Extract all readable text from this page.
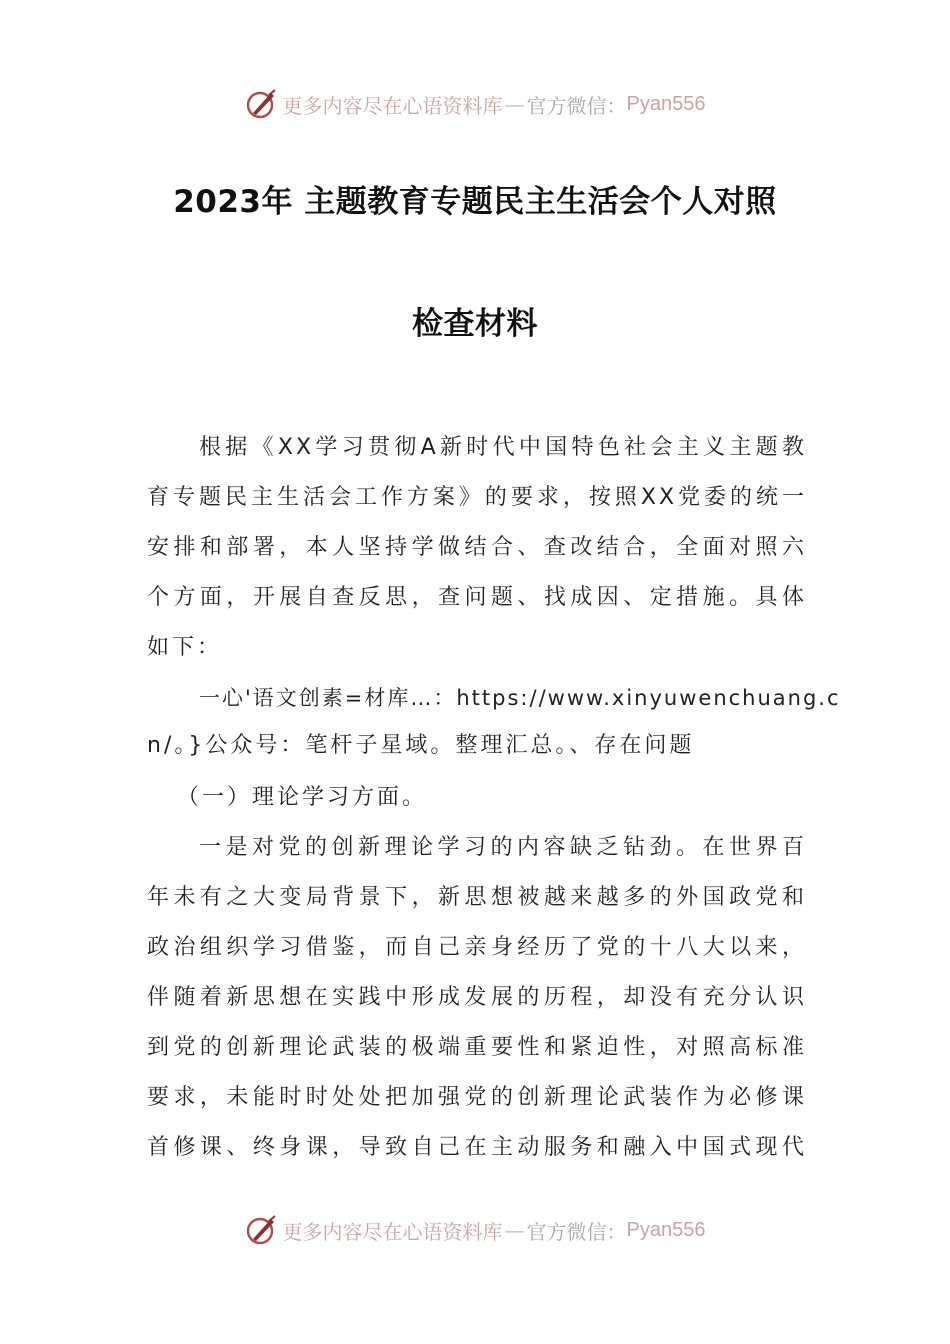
更多内容尽在心语资料库 — 官方微信： Pyan556
2023年 主题教育专题民主生活会个人对照
检查材料
根据《XX学习贯彻A新时代中国特色社会主义主题教
育专题民主生活会工作方案》的要求，按照XX党委的统一
安排和部署，本人坚持学做结合、查改结合，全面对照六
个方面，开展自查反思，查问题、找成因、定措施。具体
如下：
一心'语文创素=材库…：https://www.xinyuwenchuang.c
n/。}公众号：笔杆子星域。整理汇总。、存在问题
（一）理论学习方面。
一是对党的创新理论学习的内容缺乏钻劲。在世界百
年未有之大变局背景下，新思想被越来越多的外国政党和
政治组织学习借鉴，而自己亲身经历了党的十八大以来，
伴随着新思想在实践中形成发展的历程，却没有充分认识
到党的创新理论武装的极端重要性和紧迫性，对照高标准
要求，未能时时处处把加强党的创新理论武装作为必修课
首修课、终身课，导致自己在主动服务和融入中国式现代
更多内容尽在心语资料库 — 官方微信： Pyan556
